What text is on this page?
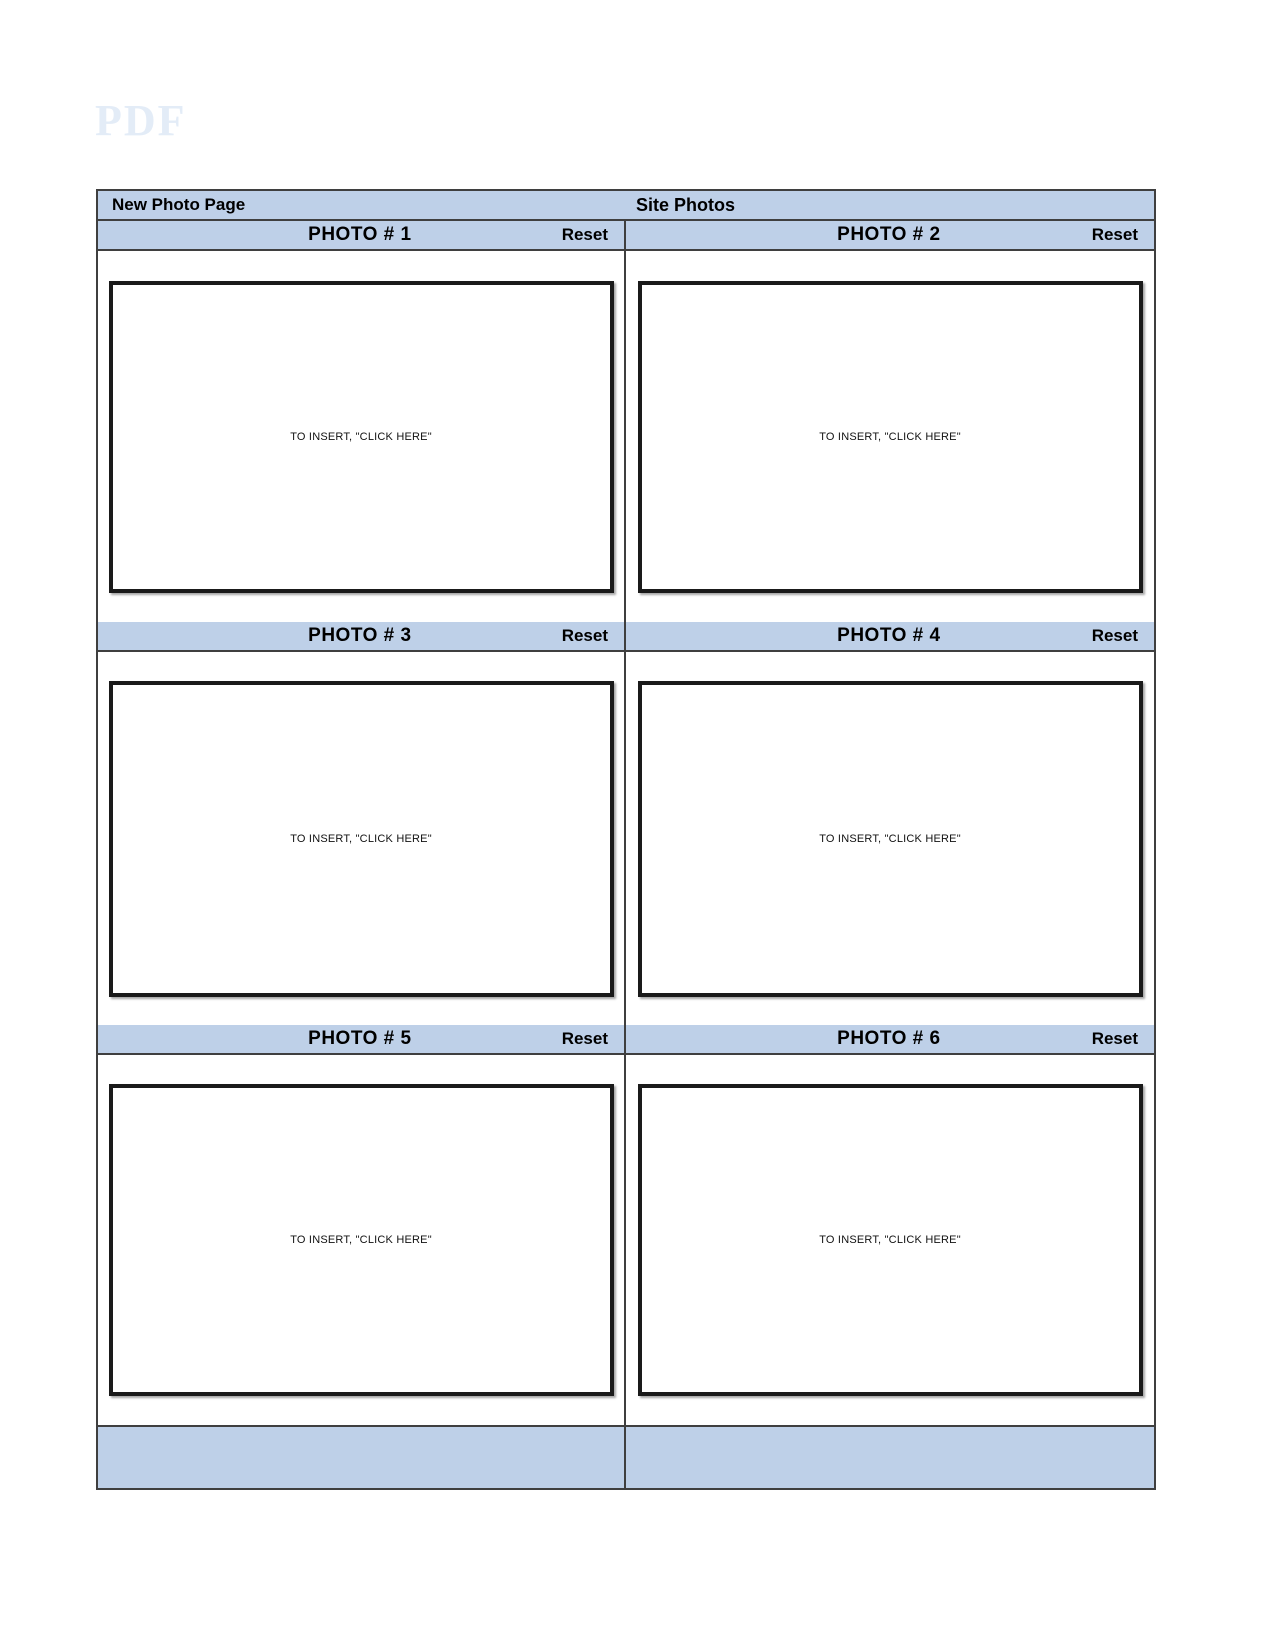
PDF
New Photo Page	Site Photos
PHOTO # 1	Reset	PHOTO # 2	Reset
TO INSERT, "CLICK HERE"	TO INSERT, "CLICK HERE"
PHOTO # 3	Reset	PHOTO # 4	Reset
TO INSERT, "CLICK HERE"	TO INSERT, "CLICK HERE"
PHOTO # 5	Reset	PHOTO # 6	Reset
TO INSERT, "CLICK HERE"	TO INSERT, "CLICK HERE"
